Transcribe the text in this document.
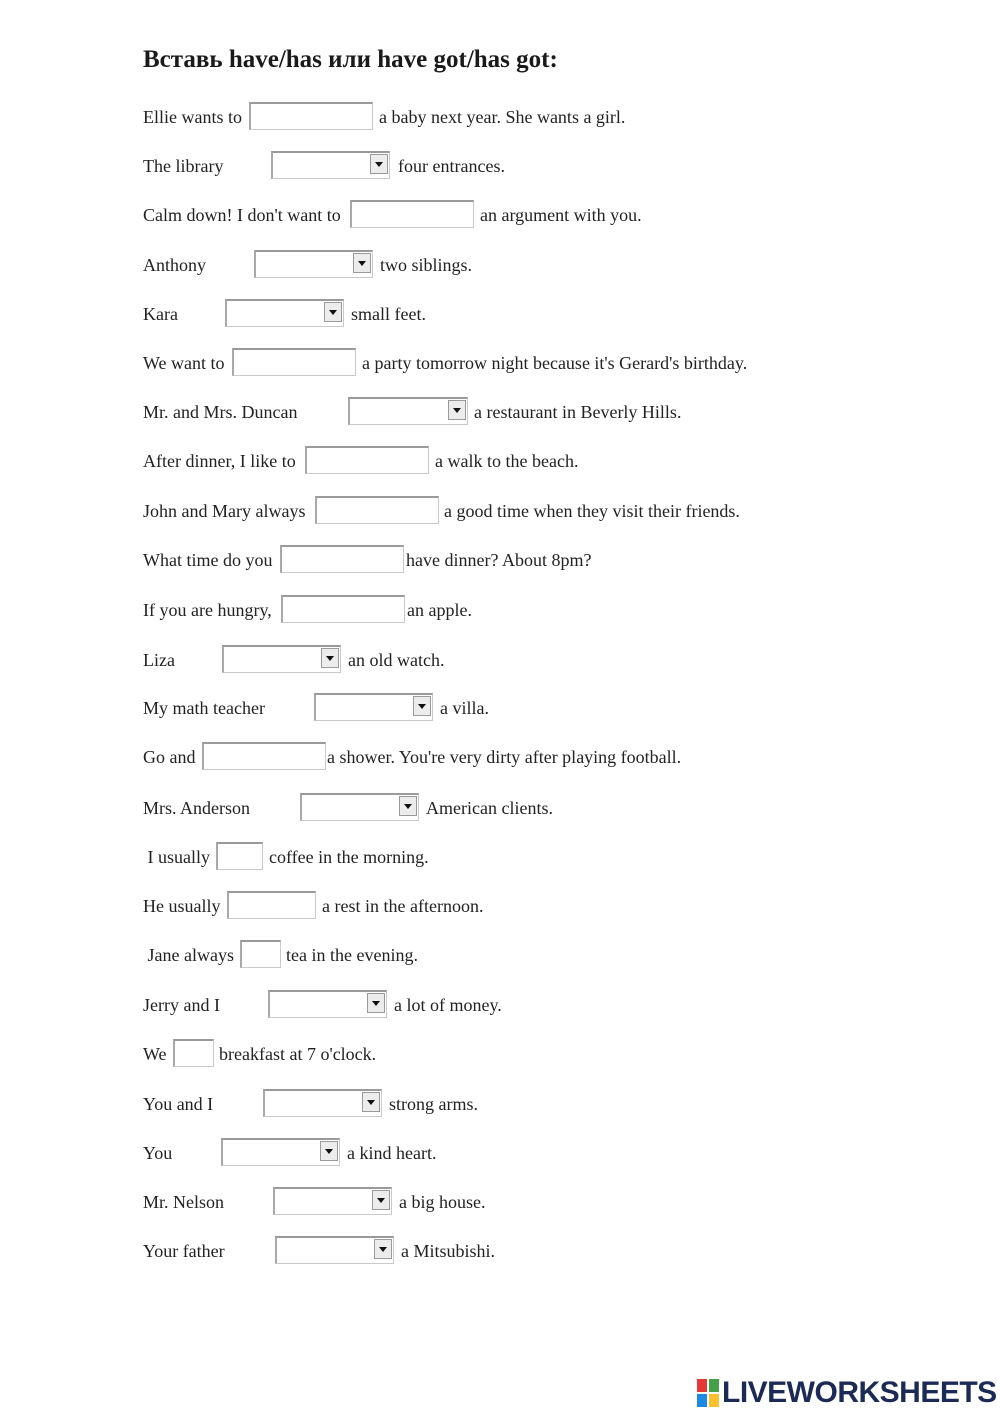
Вставь have/has или have got/has got:
Ellie wants to	a baby next year. She wants a girl.
The library	four entrances.
Calm down! I don't want to	an argument with you.
Anthony	two siblings.
Kara	small feet.
We want to	a party tomorrow night because it's Gerard's birthday.
Mr. and Mrs. Duncan	a restaurant in Beverly Hills.
After dinner, I like to	a walk to the beach.
John and Mary always	a good time when they visit their friends.
What time do you	have dinner? About 8pm?
If you are hungry,	an apple.
Liza	an old watch.
My math teacher	a villa.
Go and	a shower. You're very dirty after playing football.
Mrs. Anderson	American clients.
I usually	coffee in the morning.
He usually	a rest in the afternoon.
Jane always	tea in the evening.
Jerry and I	a lot of money.
We	breakfast at 7 o'clock.
You and I	strong arms.
You	a kind heart.
Mr. Nelson	a big house.
Your father	a Mitsubishi.
LIVEWORKSHEETS
